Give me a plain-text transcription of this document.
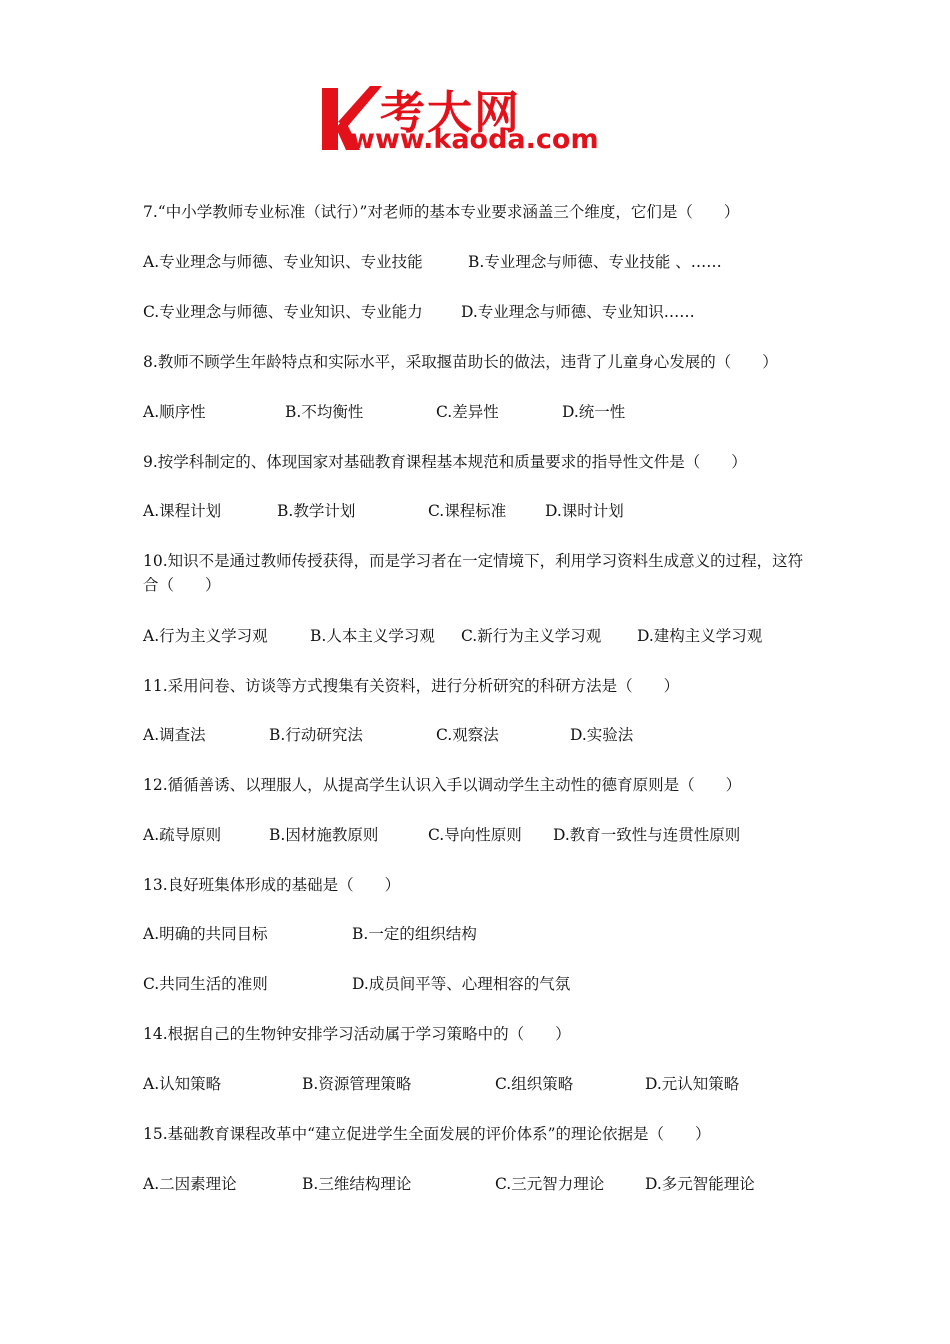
考大网
www.kaoda.com
7.“中小学教师专业标准（试行）”对老师的基本专业要求涵盖三个维度，它们是（　　）
A.专业理念与师德、专业知识、专业技能	B.专业理念与师德、专业技能 、……
C.专业理念与师德、专业知识、专业能力 D.专业理念与师德、专业知识……
8.教师不顾学生年龄特点和实际水平，采取揠苗助长的做法，违背了儿童身心发展的（　　）
A.顺序性	B.不均衡性	C.差异性	D.统一性
9.按学科制定的、体现国家对基础教育课程基本规范和质量要求的指导性文件是（　　）
A.课程计划	B.教学计划	C.课程标准	D.课时计划
10.知识不是通过教师传授获得，而是学习者在一定情境下，利用学习资料生成意义的过程，这符合（　　）
A.行为主义学习观	B.人本主义学习观 C.新行为主义学习观 D.建构主义学习观
11.采用问卷、访谈等方式搜集有关资料，进行分析研究的科研方法是（　　）
A.调查法	B.行动研究法	C.观察法	D.实验法
12.循循善诱、以理服人，从提高学生认识入手以调动学生主动性的德育原则是（　　）
A.疏导原则	B.因材施教原则	C.导向性原则 D.教育一致性与连贯性原则
13.良好班集体形成的基础是（　　）
A.明确的共同目标	B.一定的组织结构
C.共同生活的准则	D.成员间平等、心理相容的气氛
14.根据自己的生物钟安排学习活动属于学习策略中的（　　）
A.认知策略	B.资源管理策略	C.组织策略	D.元认知策略
15.基础教育课程改革中“建立促进学生全面发展的评价体系”的理论依据是（　　）
A.二因素理论	B.三维结构理论	C.三元智力理论	D.多元智能理论
